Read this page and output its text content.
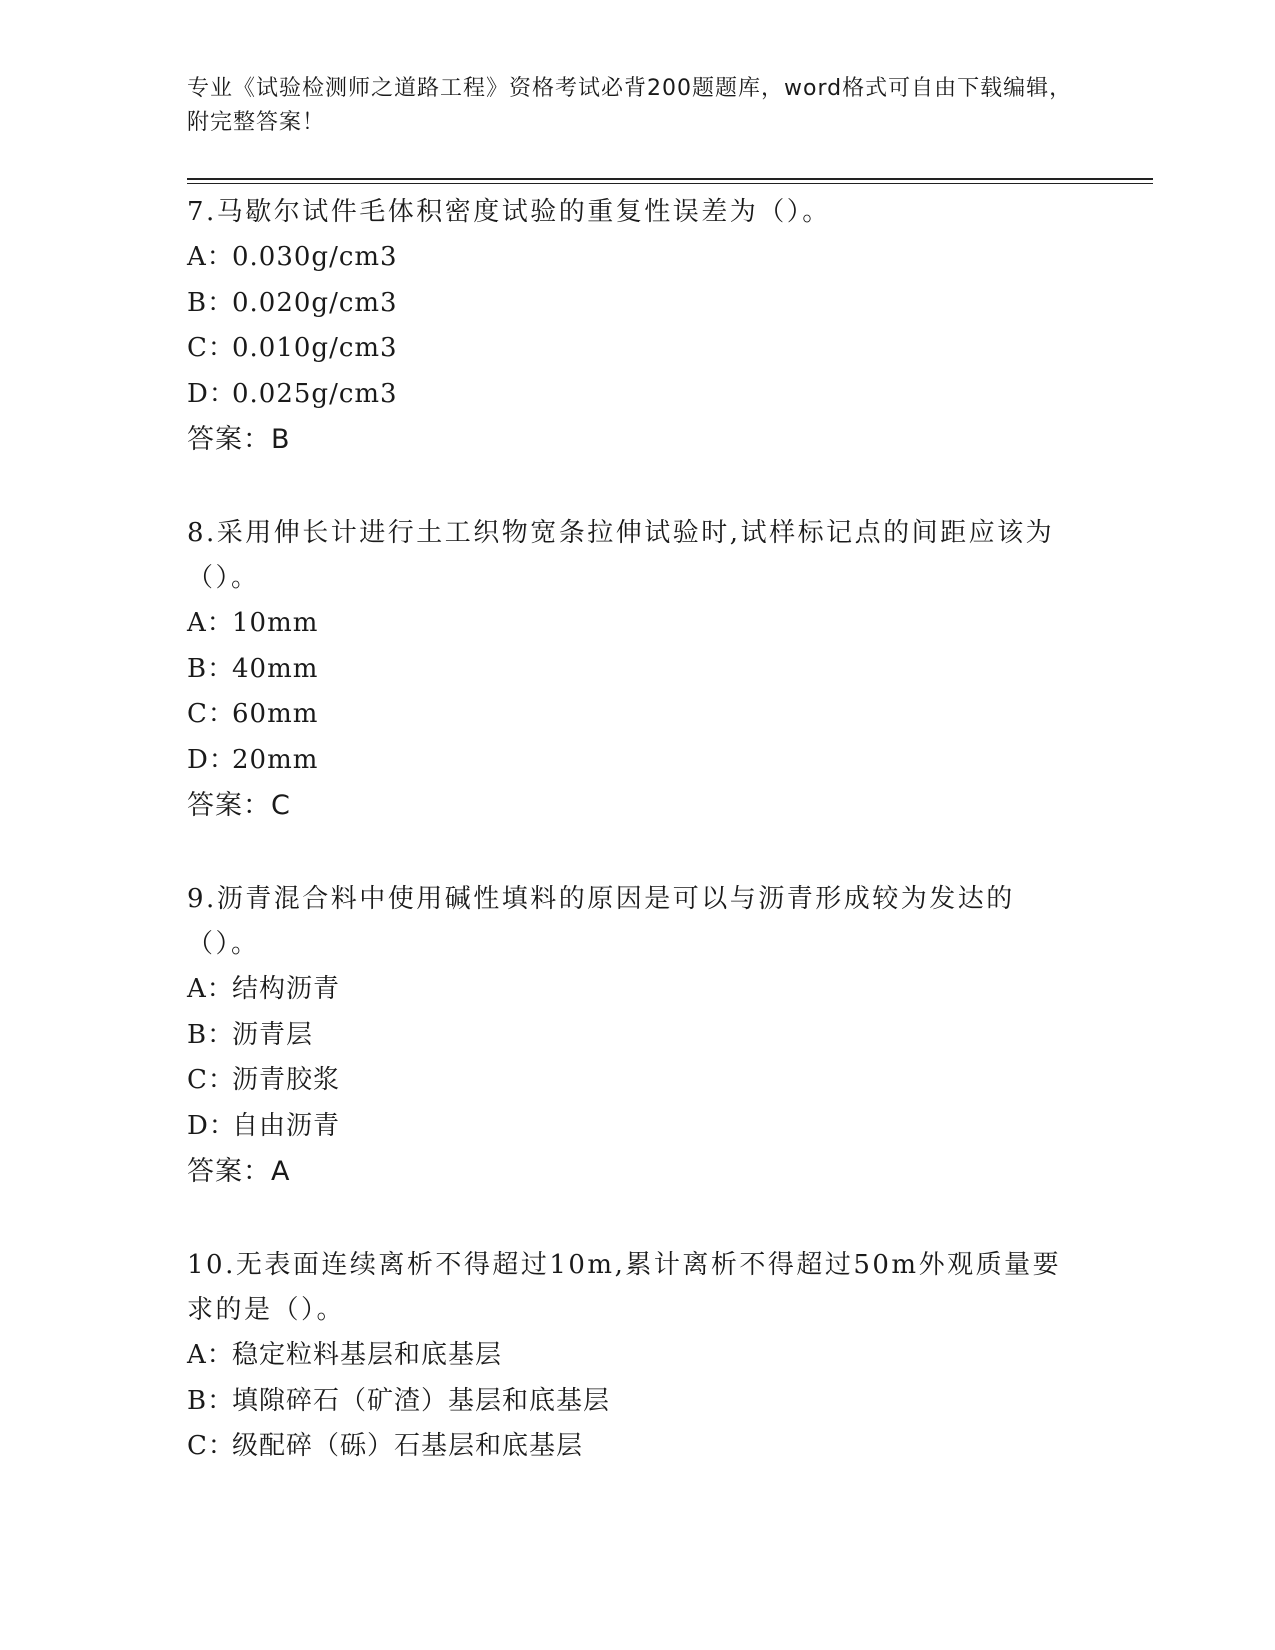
专业《试验检测师之道路工程》资格考试必背200题题库，word格式可自由下载编辑，附完整答案！
7.马歇尔试件毛体积密度试验的重复性误差为（）。
A：0.030g/cm3
B：0.020g/cm3
C：0.010g/cm3
D：0.025g/cm3
答案：B
8.采用伸长计进行土工织物宽条拉伸试验时,试样标记点的间距应该为（）。
A：10mm
B：40mm
C：60mm
D：20mm
答案：C
9.沥青混合料中使用碱性填料的原因是可以与沥青形成较为发达的（）。
A：结构沥青
B：沥青层
C：沥青胶浆
D：自由沥青
答案：A
10.无表面连续离析不得超过10m,累计离析不得超过50m外观质量要求的是（）。
A：稳定粒料基层和底基层
B：填隙碎石（矿渣）基层和底基层
C：级配碎（砾）石基层和底基层
